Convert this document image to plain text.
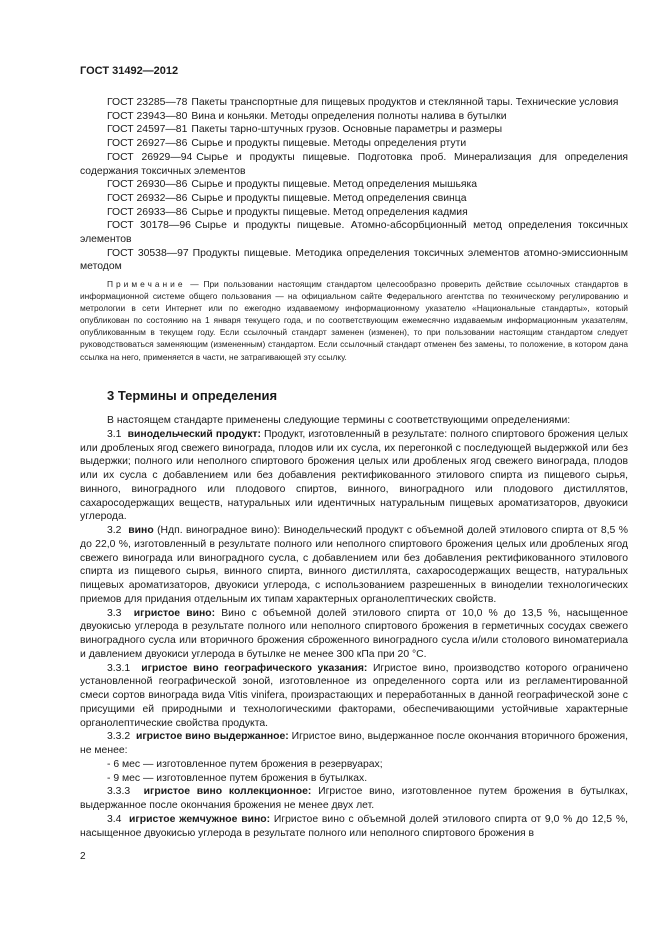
ГОСТ 31492—2012

ГОСТ 23285—78 Пакеты транспортные для пищевых продуктов и стеклянной тары. Технические условия

ГОСТ 23943—80 Вина и коньяки. Методы определения полноты налива в бутылки

ГОСТ 24597—81 Пакеты тарно-штучных грузов. Основные параметры и размеры

ГОСТ 26927—86 Сырье и продукты пищевые. Методы определения ртути

ГОСТ 26929—94 Сырье и продукты пищевые. Подготовка проб. Минерализация для определения содержания токсичных элементов

ГОСТ 26930—86 Сырье и продукты пищевые. Метод определения мышьяка

ГОСТ 26932—86 Сырье и продукты пищевые. Метод определения свинца

ГОСТ 26933—86 Сырье и продукты пищевые. Метод определения кадмия

ГОСТ 30178—96 Сырье и продукты пищевые. Атомно-абсорбционный метод определения токсичных элементов

ГОСТ 30538—97 Продукты пищевые. Методика определения токсичных элементов атомно-эмиссионным методом

Примечание — При пользовании настоящим стандартом целесообразно проверить действие ссылочных стандартов в информационной системе общего пользования — на официальном сайте Федерального агентства по техническому регулированию и метрологии в сети Интернет или по ежегодно издаваемому информационному указателю «Национальные стандарты», который опубликован по состоянию на 1 января текущего года, и по соответствующим ежемесячно издаваемым информационным указателям, опубликованным в текущем году. Если ссылочный стандарт заменен (изменен), то при пользовании настоящим стандартом следует руководствоваться заменяющим (измененным) стандартом. Если ссылочный стандарт отменен без замены, то положение, в котором дана ссылка на него, применяется в части, не затрагивающей эту ссылку.
3 Термины и определения

В настоящем стандарте применены следующие термины с соответствующими определениями:

3.1 винодельческий продукт: Продукт, изготовленный в результате: полного спиртового брожения целых или дробленых ягод свежего винограда, плодов или их сусла, их перегонкой с последующей выдержкой или без выдержки; полного или неполного спиртового брожения целых или дробленых ягод свежего винограда, плодов или их сусла с добавлением или без добавления ректификованного этилового спирта из пищевого сырья, винного, виноградного или плодового спиртов, винного, виноградного или плодового дистиллятов, сахаросодержащих веществ, натуральных или идентичных натуральным пищевых ароматизаторов, двуокиси углерода.

3.2 вино (Ндп. виноградное вино): Винодельческий продукт с объемной долей этилового спирта от 8,5 % до 22,0 %, изготовленный в результате полного или неполного спиртового брожения целых или дробленых ягод свежего винограда или виноградного сусла, с добавлением или без добавления ректификованного этилового спирта из пищевого сырья, винного спирта, винного дистиллята, сахаросодержащих веществ, натуральных пищевых ароматизаторов, двуокиси углерода, с использованием разрешенных в виноделии технологических приемов для придания отдельным их типам характерных органолептических свойств.

3.3 игристое вино: Вино с объемной долей этилового спирта от 10,0 % до 13,5 %, насыщенное двуокисью углерода в результате полного или неполного спиртового брожения в герметичных сосудах свежего виноградного сусла или вторичного брожения сброженного виноградного сусла и/или столового виноматериала и давлением двуокиси углерода в бутылке не менее 300 кПа при 20 °С.

3.3.1 игристое вино географического указания: Игристое вино, производство которого ограничено установленной географической зоной, изготовленное из определенного сорта или из регламентированной смеси сортов винограда вида Vitis vinifera, произрастающих и переработанных в данной географической зоне с присущими ей природными и технологическими факторами, обеспечивающими устойчивые характерные органолептические свойства продукта.

3.3.2 игристое вино выдержанное: Игристое вино, выдержанное после окончания вторичного брожения, не менее:

- 6 мес — изготовленное путем брожения в резервуарах;

- 9 мес — изготовленное путем брожения в бутылках.

3.3.3 игристое вино коллекционное: Игристое вино, изготовленное путем брожения в бутылках, выдержанное после окончания брожения не менее двух лет.

3.4 игристое жемчужное вино: Игристое вино с объемной долей этилового спирта от 9,0 % до 12,5 %, насыщенное двуокисью углерода в результате полного или неполного спиртового брожения в

2
